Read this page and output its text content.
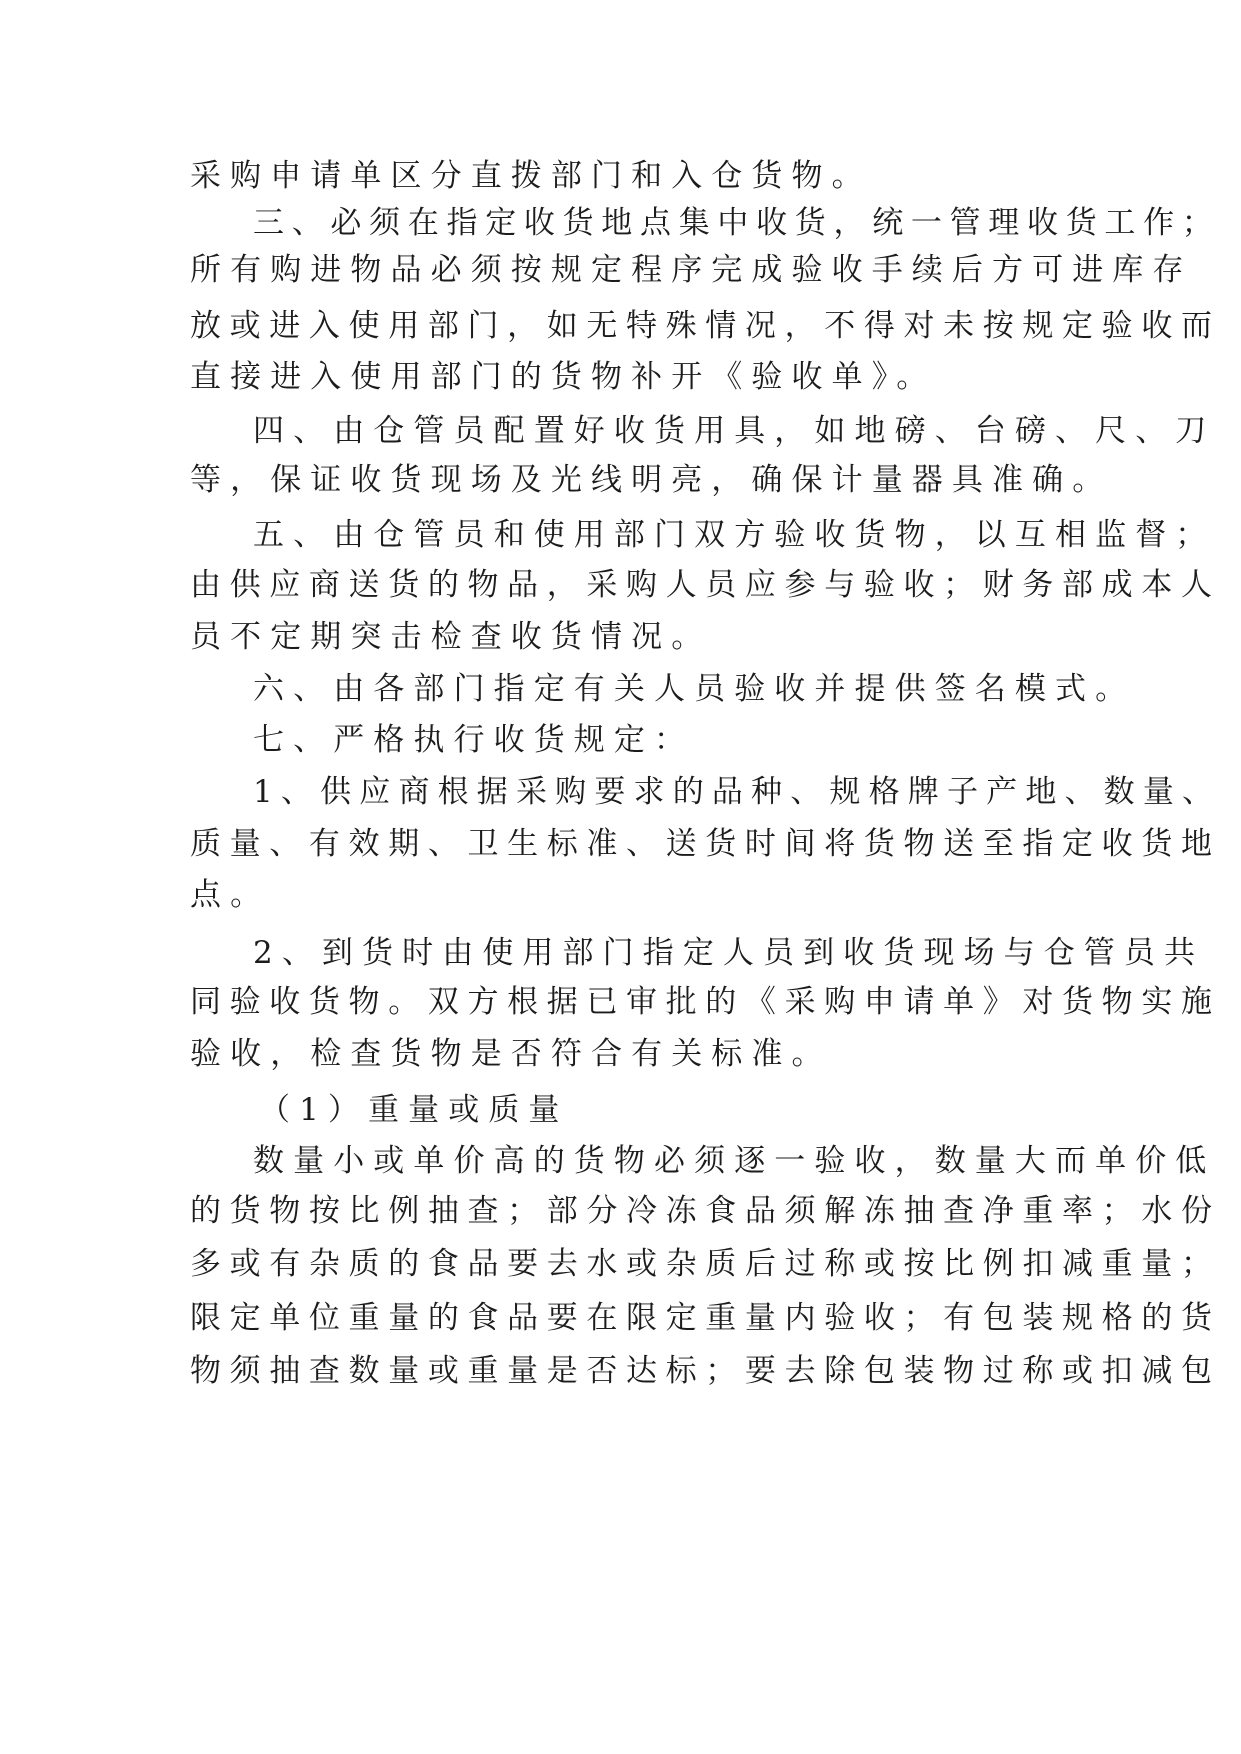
采购申请单区分直拨部门和入仓货物。
三、必须在指定收货地点集中收货，统一管理收货工作；
所有购进物品必须按规定程序完成验收手续后方可进库存
放或进入使用部门，如无特殊情况，不得对未按规定验收而
直接进入使用部门的货物补开《验收单》。
四、由仓管员配置好收货用具，如地磅、台磅、尺、刀
等，保证收货现场及光线明亮，确保计量器具准确。
五、由仓管员和使用部门双方验收货物，以互相监督；
由供应商送货的物品，采购人员应参与验收；财务部成本人
员不定期突击检查收货情况。
六、由各部门指定有关人员验收并提供签名模式。
七、严格执行收货规定：
1、供应商根据采购要求的品种、规格牌子产地、数量、
质量、有效期、卫生标准、送货时间将货物送至指定收货地
点。
2、到货时由使用部门指定人员到收货现场与仓管员共
同验收货物。双方根据已审批的《采购申请单》对货物实施
验收，检查货物是否符合有关标准。
（1）重量或质量
数量小或单价高的货物必须逐一验收，数量大而单价低
的货物按比例抽查；部分冷冻食品须解冻抽查净重率；水份
多或有杂质的食品要去水或杂质后过称或按比例扣减重量；
限定单位重量的食品要在限定重量内验收；有包装规格的货
物须抽查数量或重量是否达标；要去除包装物过称或扣减包
